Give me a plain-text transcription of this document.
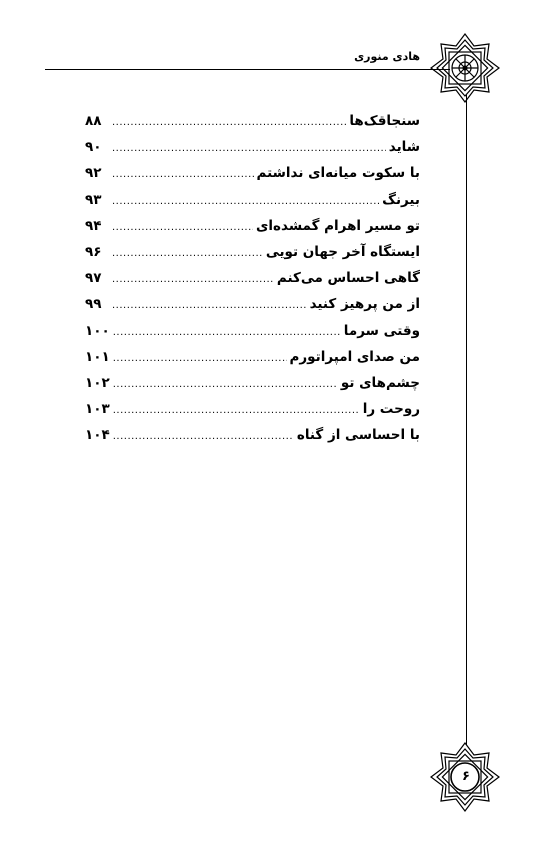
هادی منوری
۶
سنجاقک‌ها
.....
۸۸
شاید
.....
۹۰
با سکوت میانه‌ای نداشتم
.....
۹۲
بیرنگ
.....
۹۳
تو مسیر اهرام گمشده‌ای
.....
۹۴
ایستگاه آخر جهان تویی
.....
۹۶
گاهی احساس می‌کنم
.....
۹۷
از من پرهیز کنید
.....
۹۹
وقتی سرما
.....
۱۰۰
من صدای امپراتورم
.....
۱۰۱
چشم‌های تو
.....
۱۰۲
روحت را
.....
۱۰۳
با احساسی از گناه
.....
۱۰۴
